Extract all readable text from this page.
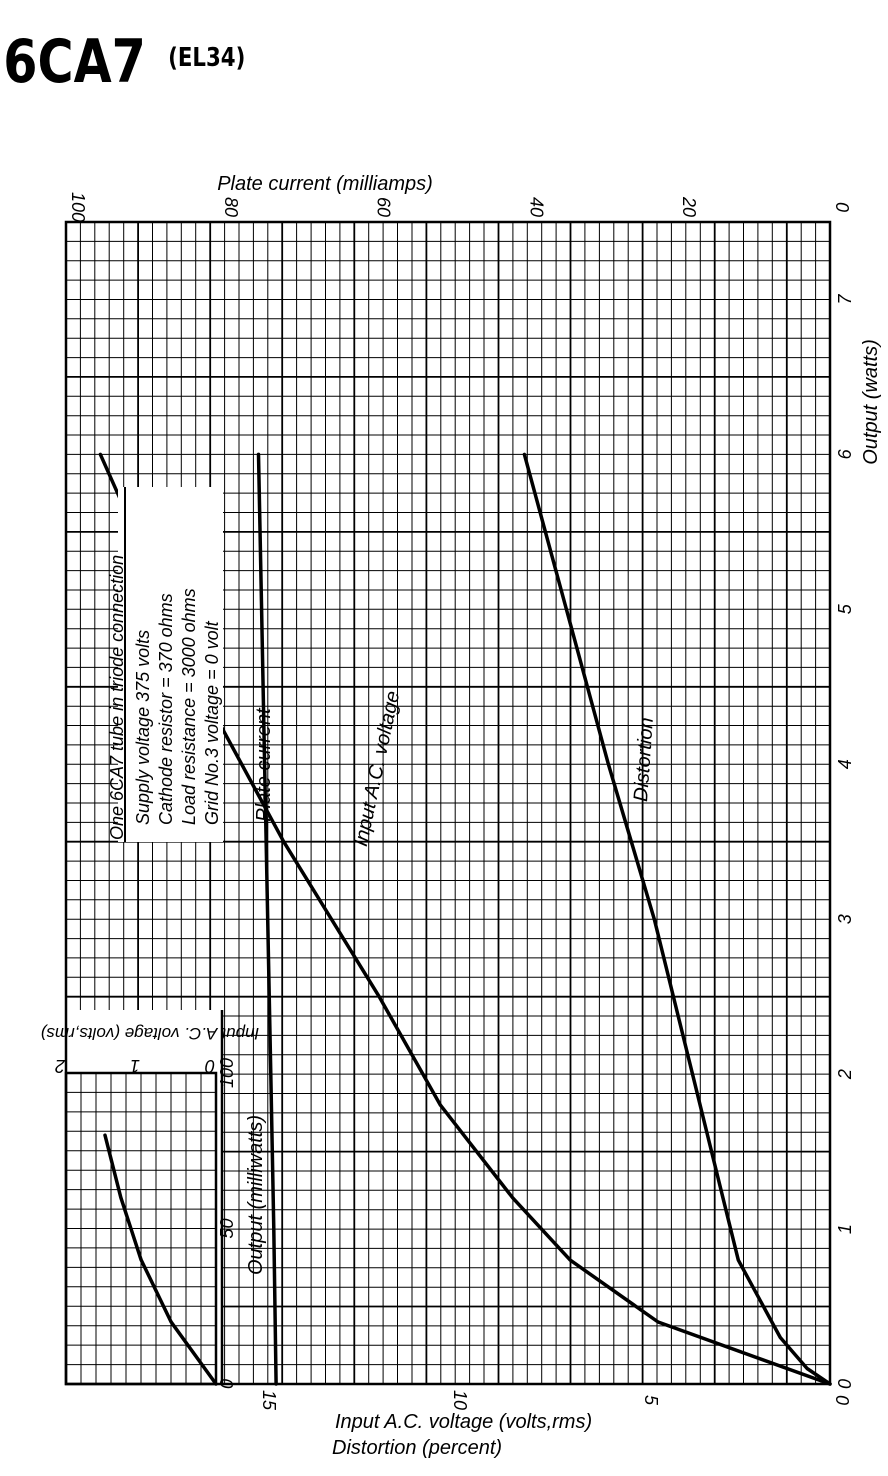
6CA7 (EL34)
0
20
40
60
80
100
0
1
2
3
4
5
6
7
0
5
10
15
0
50
100
0
1
2
Plate current (milliamps)
Input A.C. voltage (volts,rms)
Distortion (percent)
Output (watts)
Output (milliwatts)
Input A.C. voltage (volts,rms)
Plate current	Input A.C. voltage	Distortion
One 6CA7 tube in triode connection Supply voltage 375 volts Cathode resistor = 370 ohms Load resistance = 3000 ohms Grid No.3 voltage = 0 volt
